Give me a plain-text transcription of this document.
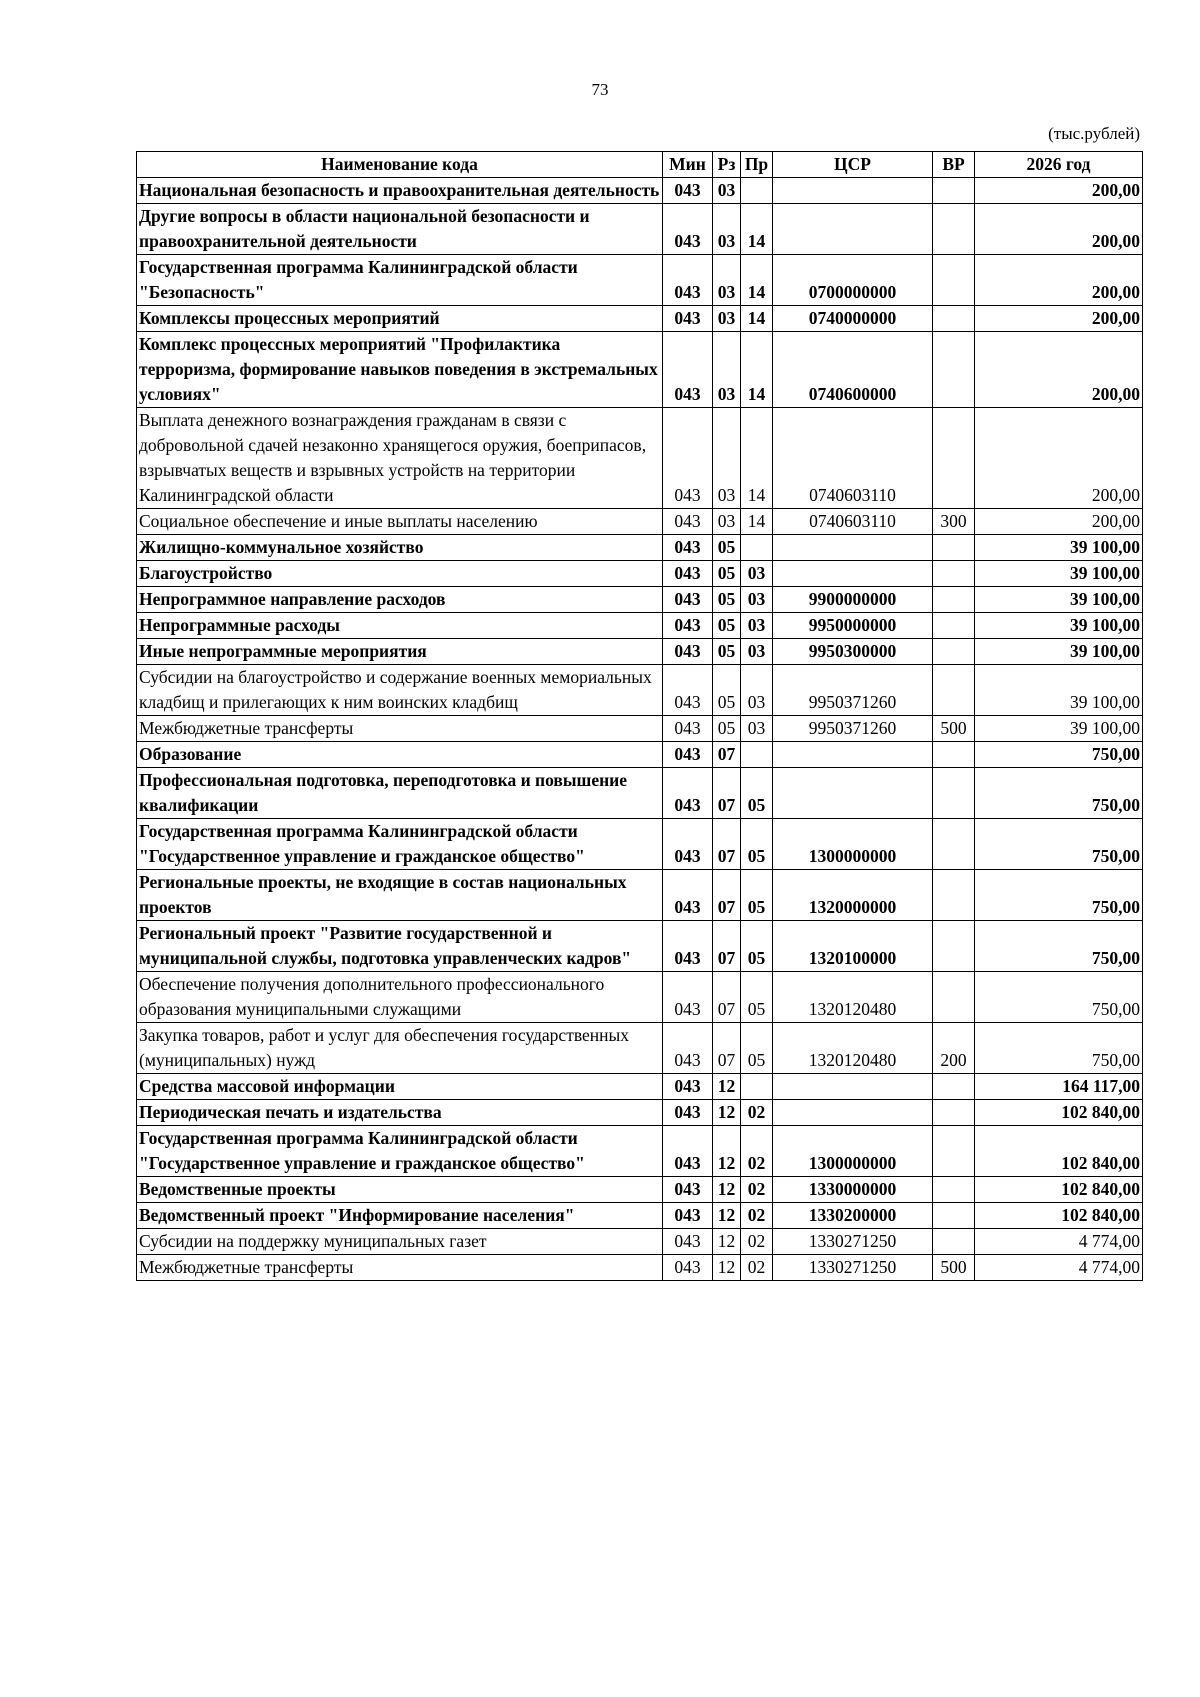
73
(тыс.рублей)
Наименование кода	Мин	Рз	Пр	ЦСР	ВР	2026 год
Национальная безопасность и правоохранительная деятельность	043	03				200,00
Другие вопросы в области национальной безопасности и правоохранительной деятельности	043	03	14			200,00
Государственная программа Калининградской области "Безопасность"	043	03	14	0700000000		200,00
Комплексы процессных мероприятий	043	03	14	0740000000		200,00
Комплекс процессных мероприятий "Профилактика терроризма, формирование навыков поведения в экстремальных условиях"	043	03	14	0740600000		200,00
Выплата денежного вознаграждения гражданам в связи с добровольной сдачей незаконно хранящегося оружия, боеприпасов, взрывчатых веществ и взрывных устройств на территории Калининградской области	043	03	14	0740603110		200,00
Социальное обеспечение и иные выплаты населению	043	03	14	0740603110	300	200,00
Жилищно-коммунальное хозяйство	043	05				39 100,00
Благоустройство	043	05	03			39 100,00
Непрограммное направление расходов	043	05	03	9900000000		39 100,00
Непрограммные расходы	043	05	03	9950000000		39 100,00
Иные непрограммные мероприятия	043	05	03	9950300000		39 100,00
Субсидии на благоустройство и содержание военных мемориальных кладбищ и прилегающих к ним воинских кладбищ	043	05	03	9950371260		39 100,00
Межбюджетные трансферты	043	05	03	9950371260	500	39 100,00
Образование	043	07				750,00
Профессиональная подготовка, переподготовка и повышение квалификации	043	07	05			750,00
Государственная программа Калининградской области "Государственное управление и гражданское общество"	043	07	05	1300000000		750,00
Региональные проекты, не входящие в состав национальных проектов	043	07	05	1320000000		750,00
Региональный проект "Развитие государственной и муниципальной службы, подготовка управленческих кадров"	043	07	05	1320100000		750,00
Обеспечение получения дополнительного профессионального образования муниципальными служащими	043	07	05	1320120480		750,00
Закупка товаров, работ и услуг для обеспечения государственных (муниципальных) нужд	043	07	05	1320120480	200	750,00
Средства массовой информации	043	12				164 117,00
Периодическая печать и издательства	043	12	02			102 840,00
Государственная программа Калининградской области "Государственное управление и гражданское общество"	043	12	02	1300000000		102 840,00
Ведомственные проекты	043	12	02	1330000000		102 840,00
Ведомственный проект "Информирование населения"	043	12	02	1330200000		102 840,00
Субсидии на поддержку муниципальных газет	043	12	02	1330271250		4 774,00
Межбюджетные трансферты	043	12	02	1330271250	500	4 774,00
